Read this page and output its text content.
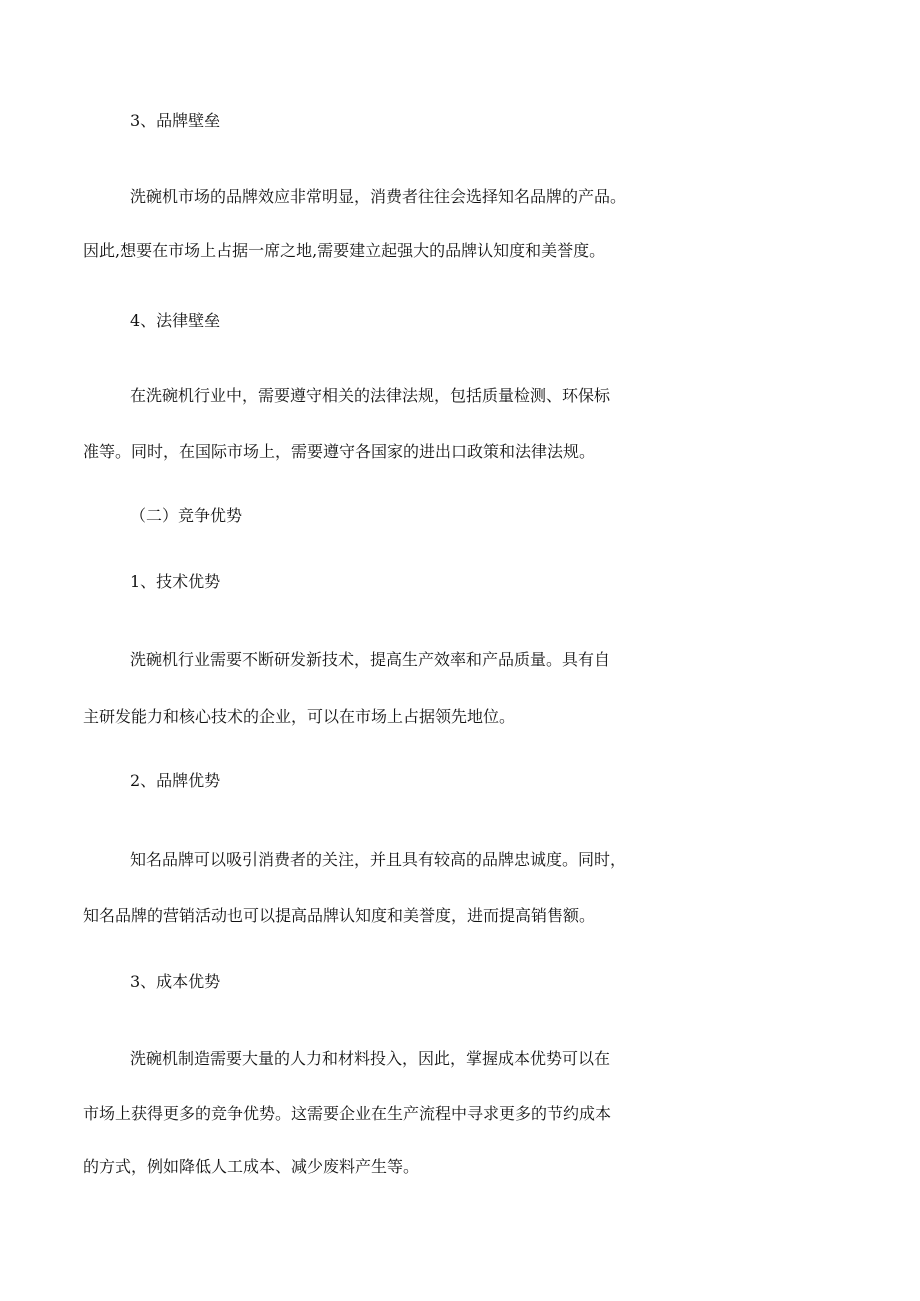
3、品牌壁垒
洗碗机市场的品牌效应非常明显，消费者往往会选择知名品牌的产品。
因此,想要在市场上占据一席之地,需要建立起强大的品牌认知度和美誉度。
4、法律壁垒
在洗碗机行业中，需要遵守相关的法律法规，包括质量检测、环保标
准等。同时，在国际市场上，需要遵守各国家的进出口政策和法律法规。
（二）竞争优势
1、技术优势
洗碗机行业需要不断研发新技术，提高生产效率和产品质量。具有自
主研发能力和核心技术的企业，可以在市场上占据领先地位。
2、品牌优势
知名品牌可以吸引消费者的关注，并且具有较高的品牌忠诚度。同时，
知名品牌的营销活动也可以提高品牌认知度和美誉度，进而提高销售额。
3、成本优势
洗碗机制造需要大量的人力和材料投入，因此，掌握成本优势可以在
市场上获得更多的竞争优势。这需要企业在生产流程中寻求更多的节约成本
的方式，例如降低人工成本、减少废料产生等。
